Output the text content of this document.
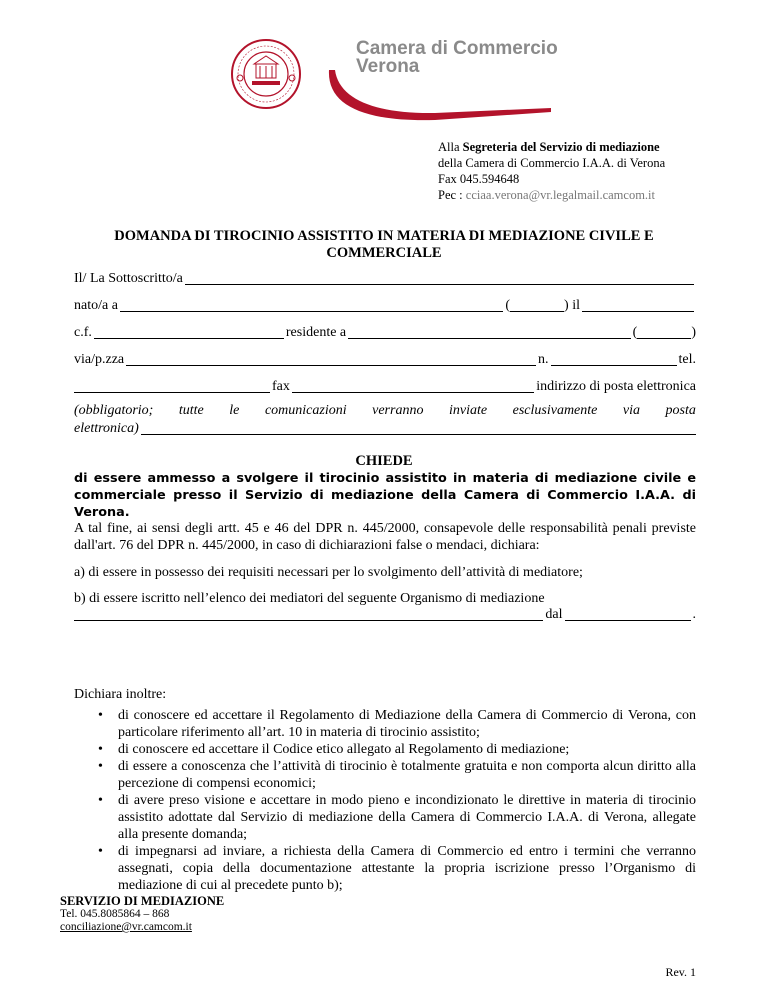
Camera di Commercio
Verona
Alla Segreteria del Servizio di mediazione
della Camera di Commercio I.A.A. di Verona
Fax 045.594648
Pec : cciaa.verona@vr.legalmail.camcom.it
DOMANDA DI TIROCINIO ASSISTITO IN MATERIA DI MEDIAZIONE CIVILE E
COMMERCIALE
Il/ La Sottoscritto/a
nato/a a	(	) il
c.f.	residente a	(	)
via/p.zza	n.	tel.
fax	indirizzo di posta elettronica
(obbligatorio; tutte le comunicazioni verranno inviate esclusivamente via posta
elettronica)
CHIEDE
di essere ammesso a svolgere il tirocinio assistito in materia di mediazione civile e commerciale presso il Servizio di mediazione della Camera di Commercio I.A.A. di Verona.
A tal fine, ai sensi degli artt. 45 e 46 del DPR n. 445/2000, consapevole delle responsabilità penali previste dall'art. 76 del DPR n. 445/2000, in caso di dichiarazioni false o mendaci, dichiara:
a) di essere in possesso dei requisiti necessari per lo svolgimento dell’attività di mediatore;
b) di essere iscritto nell’elenco dei mediatori del seguente Organismo di mediazione
dal	.
Dichiara inoltre:
• di conoscere ed accettare il Regolamento di Mediazione della Camera di Commercio di Verona, con particolare riferimento all’art. 10 in materia di tirocinio assistito;
• di conoscere ed accettare il Codice etico allegato al Regolamento di mediazione;
• di essere a conoscenza che l’attività di tirocinio è totalmente gratuita e non comporta alcun diritto alla percezione di compensi economici;
• di avere preso visione e accettare in modo pieno e incondizionato le direttive in materia di tirocinio assistito adottate dal Servizio di mediazione della Camera di Commercio I.A.A. di Verona, allegate alla presente domanda;
• di impegnarsi ad inviare, a richiesta della Camera di Commercio ed entro i termini che verranno assegnati, copia della documentazione attestante la propria iscrizione presso l’Organismo di mediazione di cui al precedete punto b);
SERVIZIO DI MEDIAZIONE
Tel. 045.8085864 – 868
conciliazione@vr.camcom.it
Rev. 1
